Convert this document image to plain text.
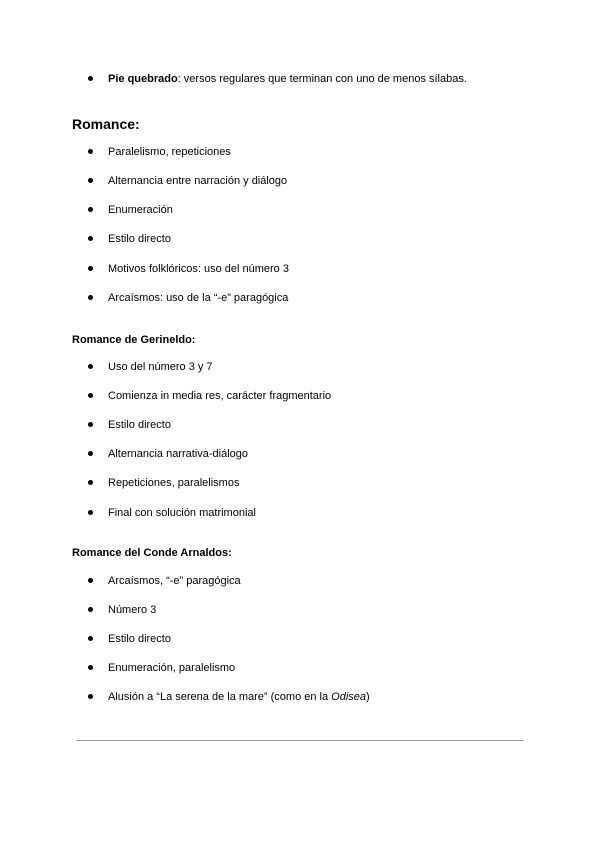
Pie quebrado: versos regulares que terminan con uno de menos sílabas.
Romance:
Paralelismo, repeticiones
Alternancia entre narración y diálogo
Enumeración
Estilo directo
Motivos folklóricos: uso del número 3
Arcaísmos: uso de la “-e” paragógica
Romance de Gerineldo:
Uso del número 3 y 7
Comienza in media res, carácter fragmentario
Estilo directo
Alternancia narrativa-diálogo
Repeticiones, paralelismos
Final con solución matrimonial
Romance del Conde Arnaldos:
Arcaísmos, “-e” paragógica
Número 3
Estilo directo
Enumeración, paralelismo
Alusión a “La serena de la mare” (como en la Odisea)
